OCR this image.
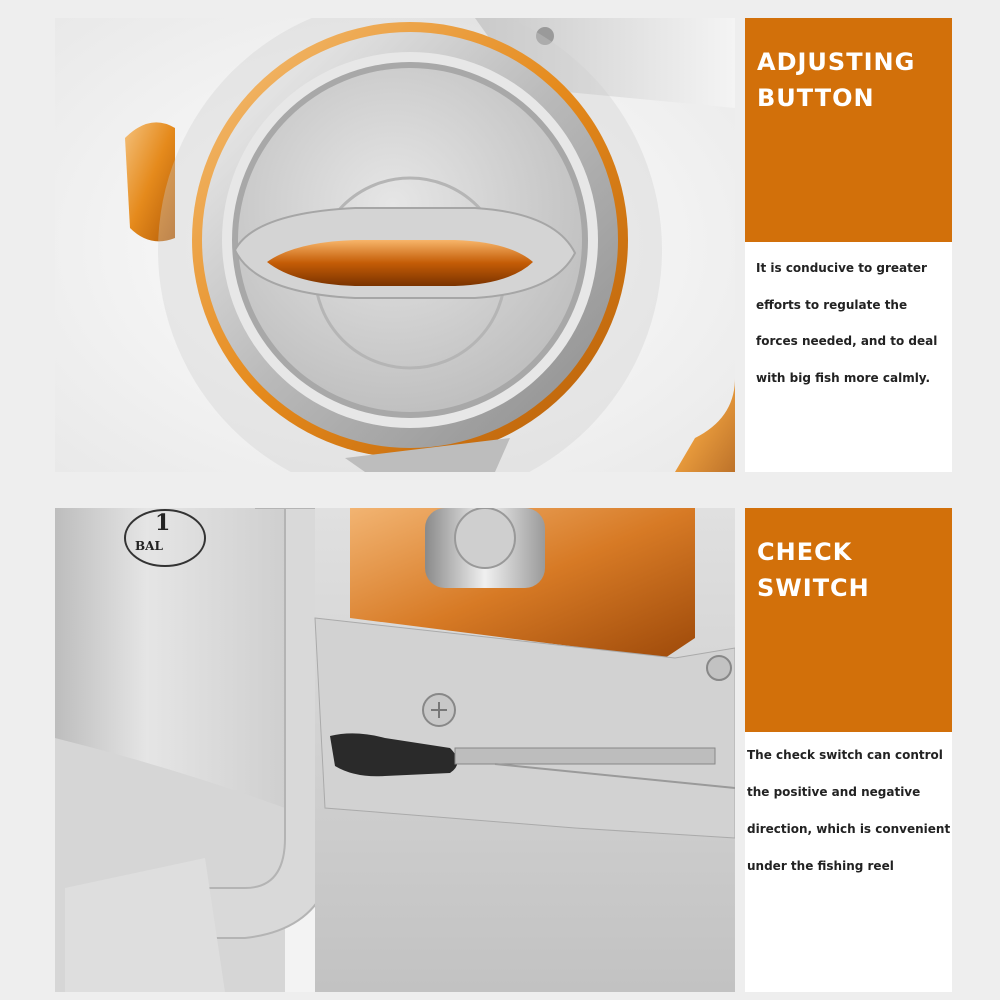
ADJUSTING
BUTTON
It is conducive to greater
efforts to regulate the
forces needed, and to deal
with big fish more calmly.
1
BAL	CHECK
SWITCH
The check switch can control
the positive and negative
direction, which is convenient
under the fishing reel
